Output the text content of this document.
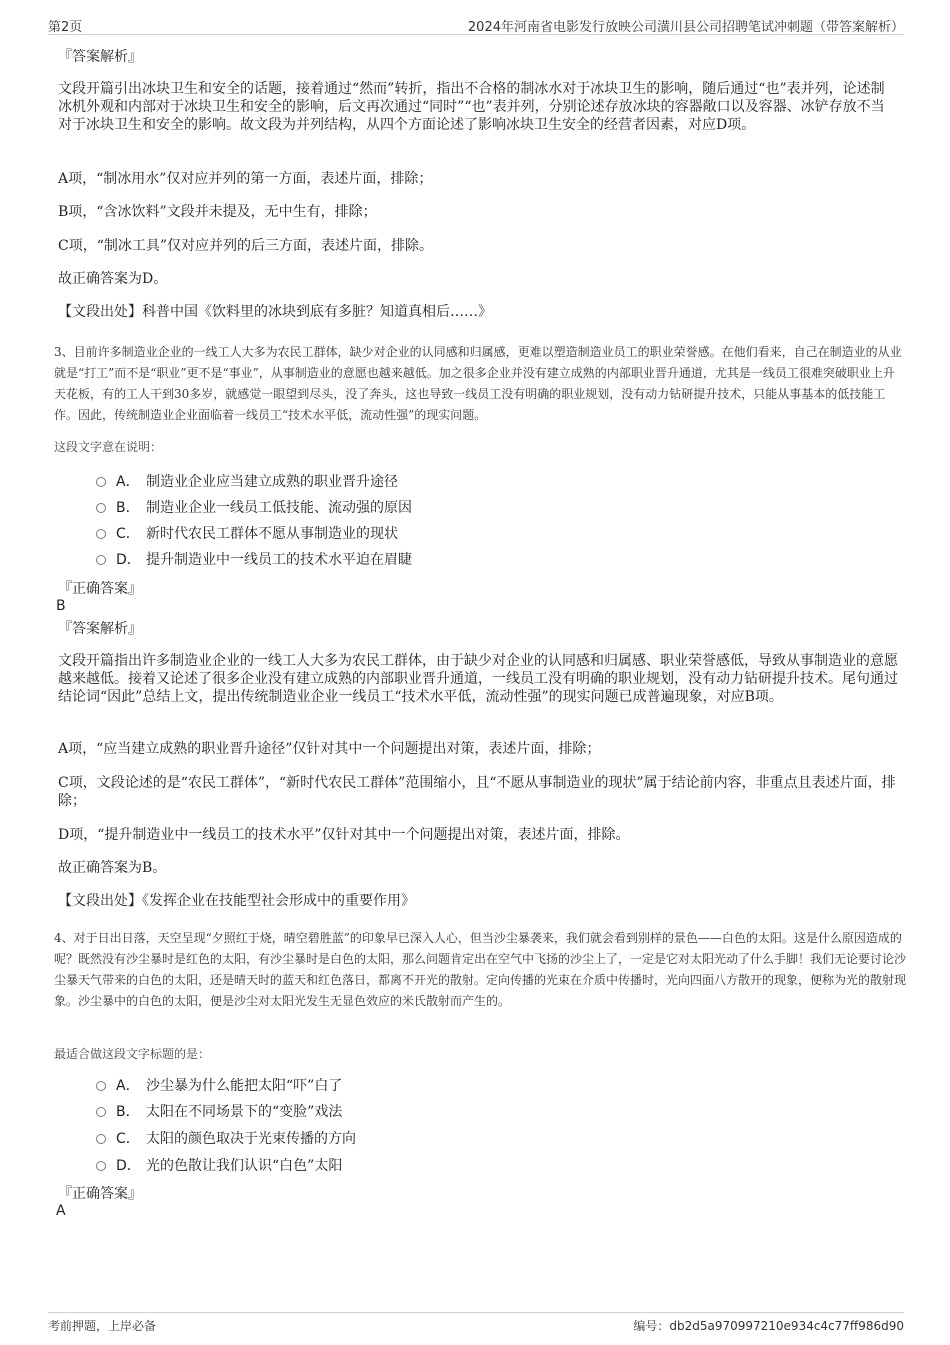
第2页	2024年河南省电影发行放映公司潢川县公司招聘笔试冲刺题（带答案解析）
『答案解析』
文段开篇引出冰块卫生和安全的话题，接着通过“然而”转折，指出不合格的制冰水对于冰块卫生的影响，随后通过“也”表并列，论述制冰机外观和内部对于冰块卫生和安全的影响，后文再次通过“同时”“也”表并列，分别论述存放冰块的容器敞口以及容器、冰铲存放不当对于冰块卫生和安全的影响。故文段为并列结构，从四个方面论述了影响冰块卫生安全的经营者因素，对应D项。
A项，“制冰用水”仅对应并列的第一方面，表述片面，排除；
B项，“含冰饮料”文段并未提及，无中生有，排除；
C项，“制冰工具”仅对应并列的后三方面，表述片面，排除。
故正确答案为D。
【文段出处】科普中国《饮料里的冰块到底有多脏？知道真相后……》
3、目前许多制造业企业的一线工人大多为农民工群体，缺少对企业的认同感和归属感，更难以塑造制造业员工的职业荣誉感。在他们看来，自己在制造业的从业就是“打工”而不是“职业”更不是“事业”，从事制造业的意愿也越来越低。加之很多企业并没有建立成熟的内部职业晋升通道，尤其是一线员工很难突破职业上升天花板，有的工人干到30多岁，就感觉一眼望到尽头，没了奔头，这也导致一线员工没有明确的职业规划，没有动力钻研提升技术，只能从事基本的低技能工作。因此，传统制造业企业面临着一线员工“技术水平低，流动性强”的现实问题。
这段文字意在说明：
A． 制造业企业应当建立成熟的职业晋升途径
B． 制造业企业一线员工低技能、流动强的原因
C． 新时代农民工群体不愿从事制造业的现状
D． 提升制造业中一线员工的技术水平迫在眉睫
『正确答案』
B
『答案解析』
文段开篇指出许多制造业企业的一线工人大多为农民工群体，由于缺少对企业的认同感和归属感、职业荣誉感低，导致从事制造业的意愿越来越低。接着又论述了很多企业没有建立成熟的内部职业晋升通道，一线员工没有明确的职业规划，没有动力钻研提升技术。尾句通过结论词“因此”总结上文，提出传统制造业企业一线员工“技术水平低，流动性强”的现实问题已成普遍现象，对应B项。
A项，“应当建立成熟的职业晋升途径”仅针对其中一个问题提出对策，表述片面，排除；
C项，文段论述的是“农民工群体”，“新时代农民工群体”范围缩小，且“不愿从事制造业的现状”属于结论前内容，非重点且表述片面，排除；
D项，“提升制造业中一线员工的技术水平”仅针对其中一个问题提出对策，表述片面，排除。
故正确答案为B。
【文段出处】《发挥企业在技能型社会形成中的重要作用》
4、对于日出日落，天空呈现“夕照红于烧，晴空碧胜蓝”的印象早已深入人心，但当沙尘暴袭来，我们就会看到别样的景色——白色的太阳。这是什么原因造成的呢？既然没有沙尘暴时是红色的太阳，有沙尘暴时是白色的太阳，那么问题肯定出在空气中飞扬的沙尘上了，一定是它对太阳光动了什么手脚！我们无论要讨论沙尘暴天气带来的白色的太阳，还是晴天时的蓝天和红色落日，都离不开光的散射。定向传播的光束在介质中传播时，光向四面八方散开的现象，便称为光的散射现象。沙尘暴中的白色的太阳，便是沙尘对太阳光发生无显色效应的米氏散射而产生的。
最适合做这段文字标题的是：
A． 沙尘暴为什么能把太阳“吓”白了
B． 太阳在不同场景下的“变脸”戏法
C． 太阳的颜色取决于光束传播的方向
D． 光的色散让我们认识“白色”太阳
『正确答案』
A
考前押题，上岸必备	编号：db2d5a970997210e934c4c77ff986d90
